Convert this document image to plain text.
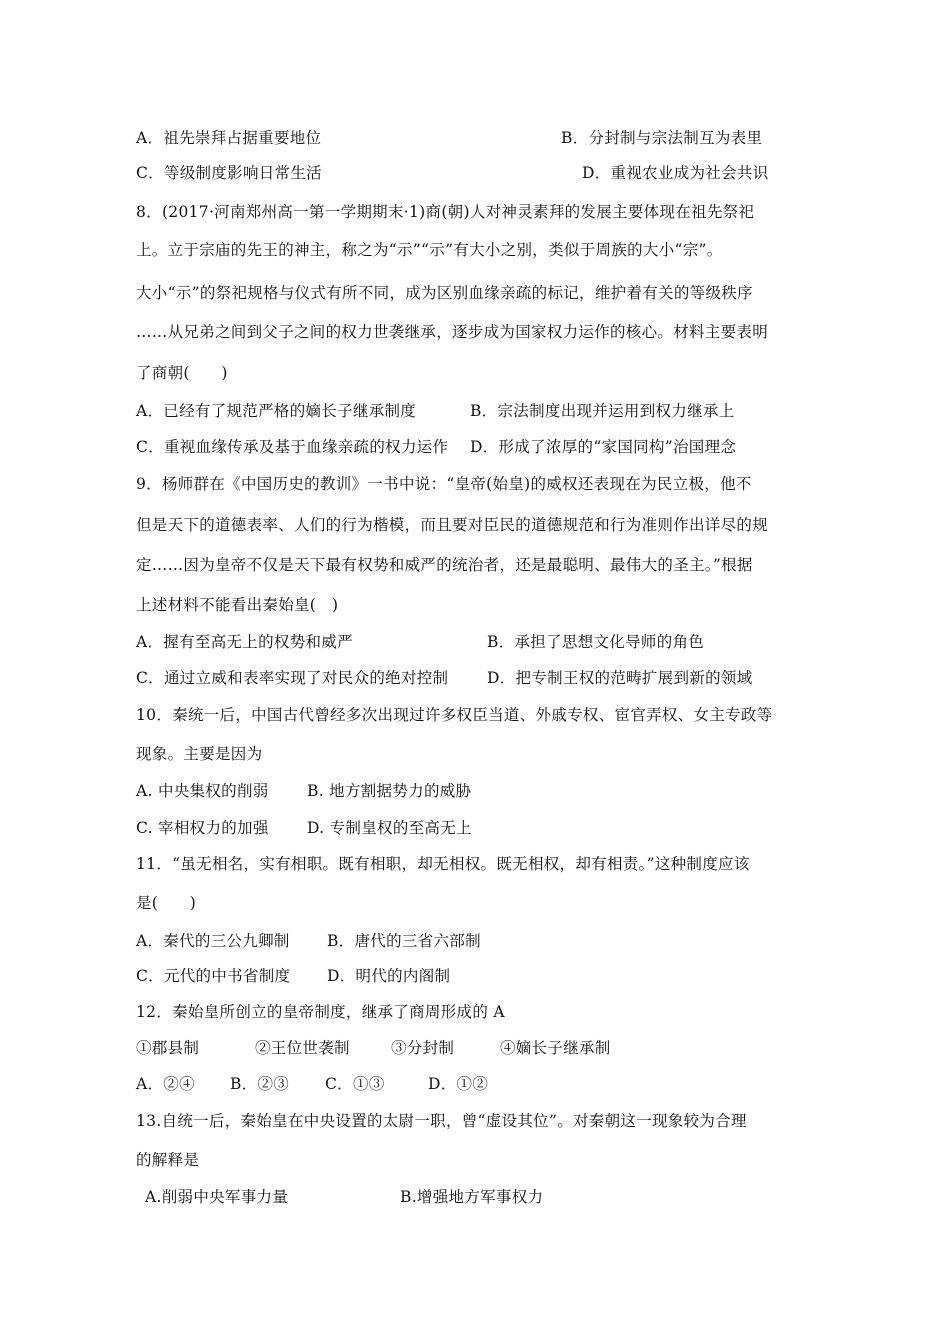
A．祖先崇拜占据重要地位	B．分封制与宗法制互为表里
C．等级制度影响日常生活	D．重视农业成为社会共识
8．(2017·河南郑州高一第一学期期末·1)商(朝)人对神灵素拜的发展主要体现在祖先祭祀
上。立于宗庙的先王的神主，称之为“示”“示”有大小之别，类似于周族的大小“宗”。
大小“示”的祭祀规格与仪式有所不同，成为区别血缘亲疏的标记，维护着有关的等级秩序
……从兄弟之间到父子之间的权力世袭继承，逐步成为国家权力运作的核心。材料主要表明
了商朝(　　)
A．已经有了规范严格的嫡长子继承制度	B．宗法制度出现并运用到权力继承上
C．重视血缘传承及基于血缘亲疏的权力运作 D．形成了浓厚的“家国同构”治国理念
9．杨师群在《中国历史的教训》一书中说：“皇帝(始皇)的威权还表现在为民立极，他不
但是天下的道德表率、人们的行为楷模，而且要对臣民的道德规范和行为准则作出详尽的规
定……因为皇帝不仅是天下最有权势和威严的统治者，还是最聪明、最伟大的圣主。”根据
上述材料不能看出秦始皇(　)
A．握有至高无上的权势和威严	B．承担了思想文化导师的角色
C．通过立威和表率实现了对民众的绝对控制 D．把专制王权的范畴扩展到新的领域
10．秦统一后，中国古代曾经多次出现过许多权臣当道、外戚专权、宦官弄权、女主专政等
现象。主要是因为
A. 中央集权的削弱 B. 地方割据势力的威胁
C. 宰相权力的加强 D. 专制皇权的至高无上
11．“虽无相名，实有相职。既有相职，却无相权。既无相权，却有相责。”这种制度应该
是(　　)
A．秦代的三公九卿制 B．唐代的三省六部制
C．元代的中书省制度 D．明代的内阁制
12．秦始皇所创立的皇帝制度，继承了商周形成的 A
①郡县制	②王位世袭制	③分封制	④嫡长子继承制
A．②④ B．②③ C．①③	D．①②
13.自统一后，秦始皇在中央设置的太尉一职，曾“虚设其位”。对秦朝这一现象较为合理
的解释是
A.削弱中央军事力量	B.增强地方军事权力
